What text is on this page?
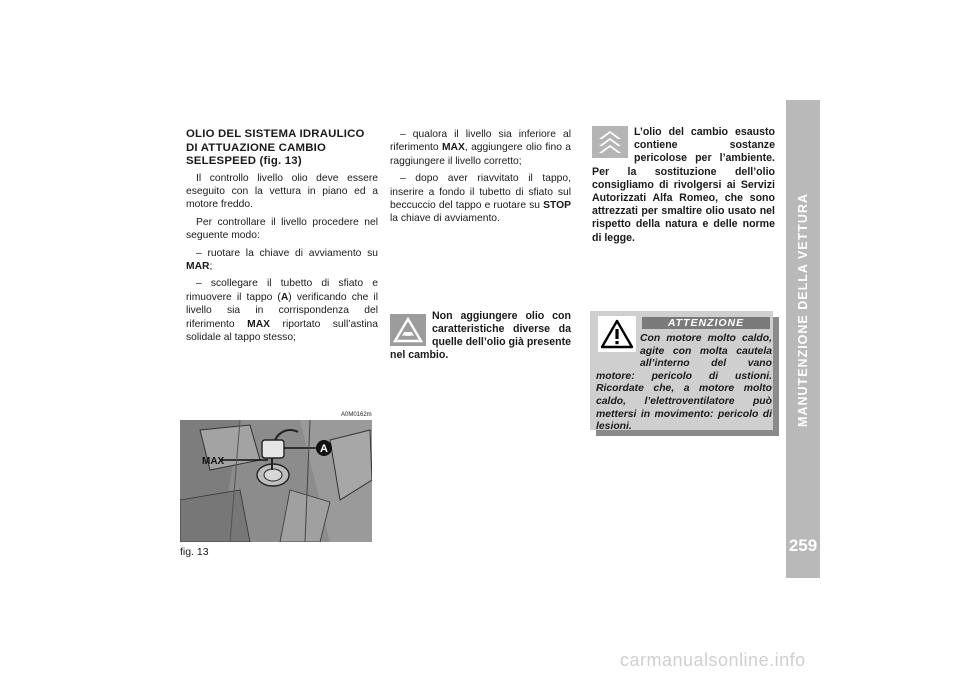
MANUTENZIONE DELLA VETTURA
259
OLIO DEL SISTEMA IDRAULICO
DI ATTUAZIONE CAMBIO
SELESPEED (fig. 13)

Il controllo livello olio deve essere eseguito con la vettura in piano ed a motore freddo.

Per controllare il livello procedere nel seguente modo:

– ruotare la chiave di avviamento su MAR;

– scollegare il tubetto di sfiato e rimuovere il tappo (A) verificando che il livello sia in corrispondenza del riferimento MAX riportato sull’astina solidale al tappo stesso;

– qualora il livello sia inferiore al riferimento MAX, aggiungere olio fino a raggiungere il livello corretto;

– dopo aver riavvitato il tappo, inserire a fondo il tubetto di sfiato sul beccuccio del tappo e ruotare su STOP la chiave di avviamento.

Non aggiungere olio con caratteristiche diverse da quelle dell’olio già presente nel cambio.
L’olio del cambio esausto contiene sostanze pericolose per l’ambiente. Per la sostituzione dell’olio consigliamo di rivolgersi ai Servizi Autorizzati Alfa Romeo, che sono attrezzati per smaltire olio usato nel rispetto della natura e delle norme di legge.
ATTENZIONE
Con motore molto caldo, agite con molta cautela all’interno del vano motore: pericolo di ustioni. Ricordate che, a motore molto caldo, l’elettroventilatore può mettersi in movimento: pericolo di lesioni.
A0M0162m
A
MAX
fig. 13
carmanualsonline.info
